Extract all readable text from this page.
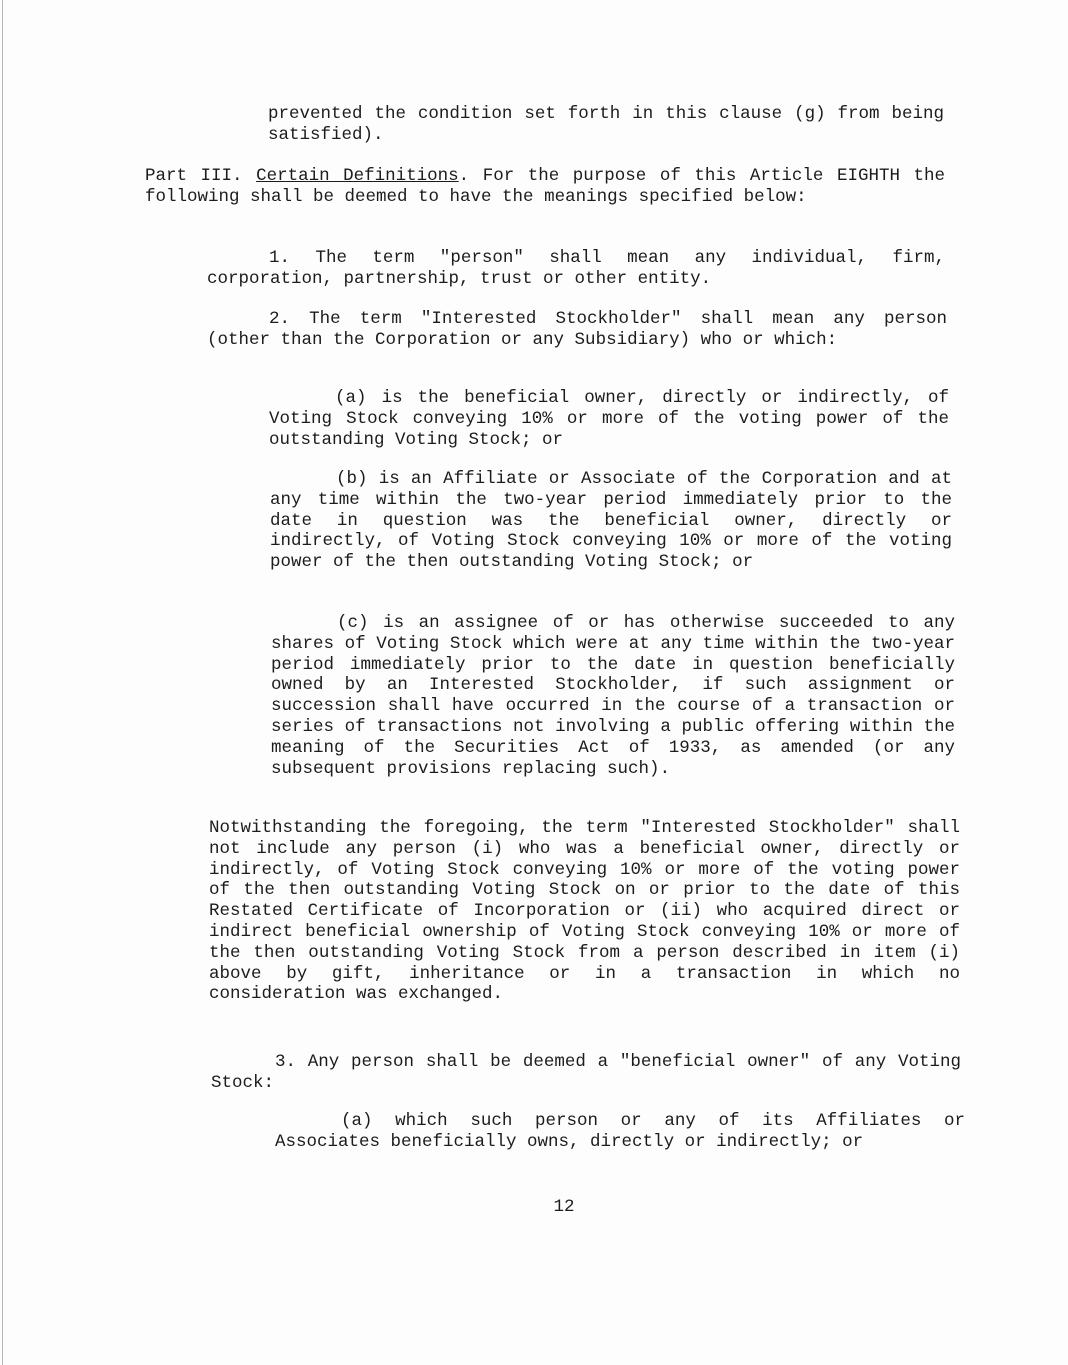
prevented the condition set forth in this clause (g) from being satisfied).

Part III. Certain Definitions. For the purpose of this Article EIGHTH the following shall be deemed to have the meanings specified below:

1. The term "person" shall mean any individual, firm, corporation, partnership, trust or other entity.

2. The term "Interested Stockholder" shall mean any person (other than the Corporation or any Subsidiary) who or which:

(a) is the beneficial owner, directly or indirectly, of Voting Stock conveying 10% or more of the voting power of the outstanding Voting Stock; or

(b) is an Affiliate or Associate of the Corporation and at any time within the two-year period immediately prior to the date in question was the beneficial owner, directly or indirectly, of Voting Stock conveying 10% or more of the voting power of the then outstanding Voting Stock; or

(c) is an assignee of or has otherwise succeeded to any shares of Voting Stock which were at any time within the two-year period immediately prior to the date in question beneficially owned by an Interested Stockholder, if such assignment or succession shall have occurred in the course of a transaction or series of transactions not involving a public offering within the meaning of the Securities Act of 1933, as amended (or any subsequent provisions replacing such).

Notwithstanding the foregoing, the term "Interested Stockholder" shall not include any person (i) who was a beneficial owner, directly or indirectly, of Voting Stock conveying 10% or more of the voting power of the then outstanding Voting Stock on or prior to the date of this Restated Certificate of Incorporation or (ii) who acquired direct or indirect beneficial ownership of Voting Stock conveying 10% or more of the then outstanding Voting Stock from a person described in item (i) above by gift, inheritance or in a transaction in which no consideration was exchanged.

3. Any person shall be deemed a "beneficial owner" of any Voting Stock:

(a) which such person or any of its Affiliates or Associates beneficially owns, directly or indirectly; or

12
